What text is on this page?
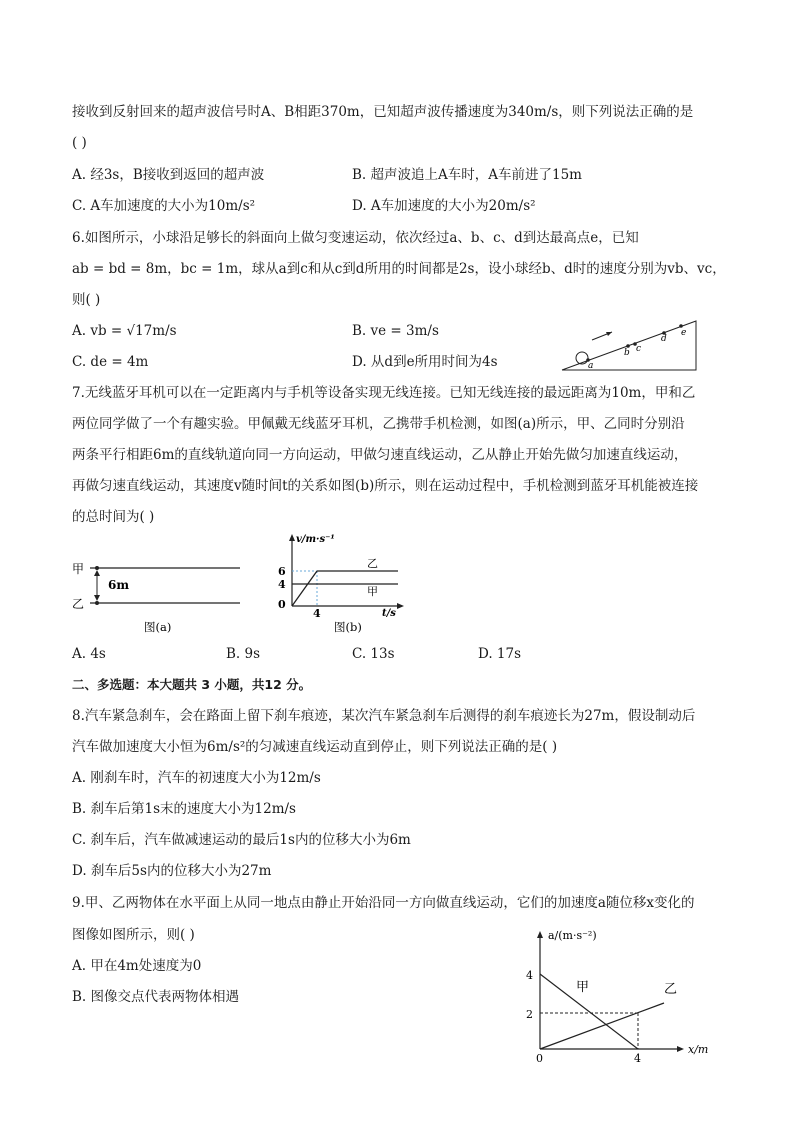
接收到反射回来的超声波信号时A、B相距370m，已知超声波传播速度为340m/s，则下列说法正确的是
( )
A. 经3s，B接收到返回的超声波	B. 超声波追上A车时，A车前进了15m
C. A车加速度的大小为10m/s²	D. A车加速度的大小为20m/s²
6.如图所示，小球沿足够长的斜面向上做匀变速运动，依次经过a、b、c、d到达最高点e，已知
ab = bd = 8m，bc = 1m，球从a到c和从c到d所用的时间都是2s，设小球经b、d时的速度分别为vb、vc，
则( )
A. vb = √17m/s	B. ve = 3m/s
C. de = 4m	D. 从d到e所用时间为4s	a
b c
d
e
7.无线蓝牙耳机可以在一定距离内与手机等设备实现无线连接。已知无线连接的最远距离为10m，甲和乙
两位同学做了一个有趣实验。甲佩戴无线蓝牙耳机，乙携带手机检测，如图(a)所示，甲、乙同时分别沿
两条平行相距6m的直线轨道向同一方向运动，甲做匀速直线运动，乙从静止开始先做匀加速直线运动，
再做匀速直线运动，其速度v随时间t的关系如图(b)所示，则在运动过程中，手机检测到蓝牙耳机能被连接
的总时间为( )
甲
乙
6m
图(a)
v/m·s⁻¹
t/s
6
4
0
4
乙
甲
图(b)
A. 4s	B. 9s	C. 13s	D. 17s
二、多选题：本大题共 3 小题，共12 分。
8.汽车紧急刹车，会在路面上留下刹车痕迹，某次汽车紧急刹车后测得的刹车痕迹长为27m，假设制动后
汽车做加速度大小恒为6m/s²的匀减速直线运动直到停止，则下列说法正确的是( )
A. 刚刹车时，汽车的初速度大小为12m/s
B. 刹车后第1s末的速度大小为12m/s
C. 刹车后，汽车做减速运动的最后1s内的位移大小为6m
D. 刹车后5s内的位移大小为27m
9.甲、乙两物体在水平面上从同一地点由静止开始沿同一方向做直线运动，它们的加速度a随位移x变化的
图像如图所示，则( )
A. 甲在4m处速度为0
B. 图像交点代表两物体相遇
a/(m·s⁻²)
x/m
4
2
0	4
甲	乙
